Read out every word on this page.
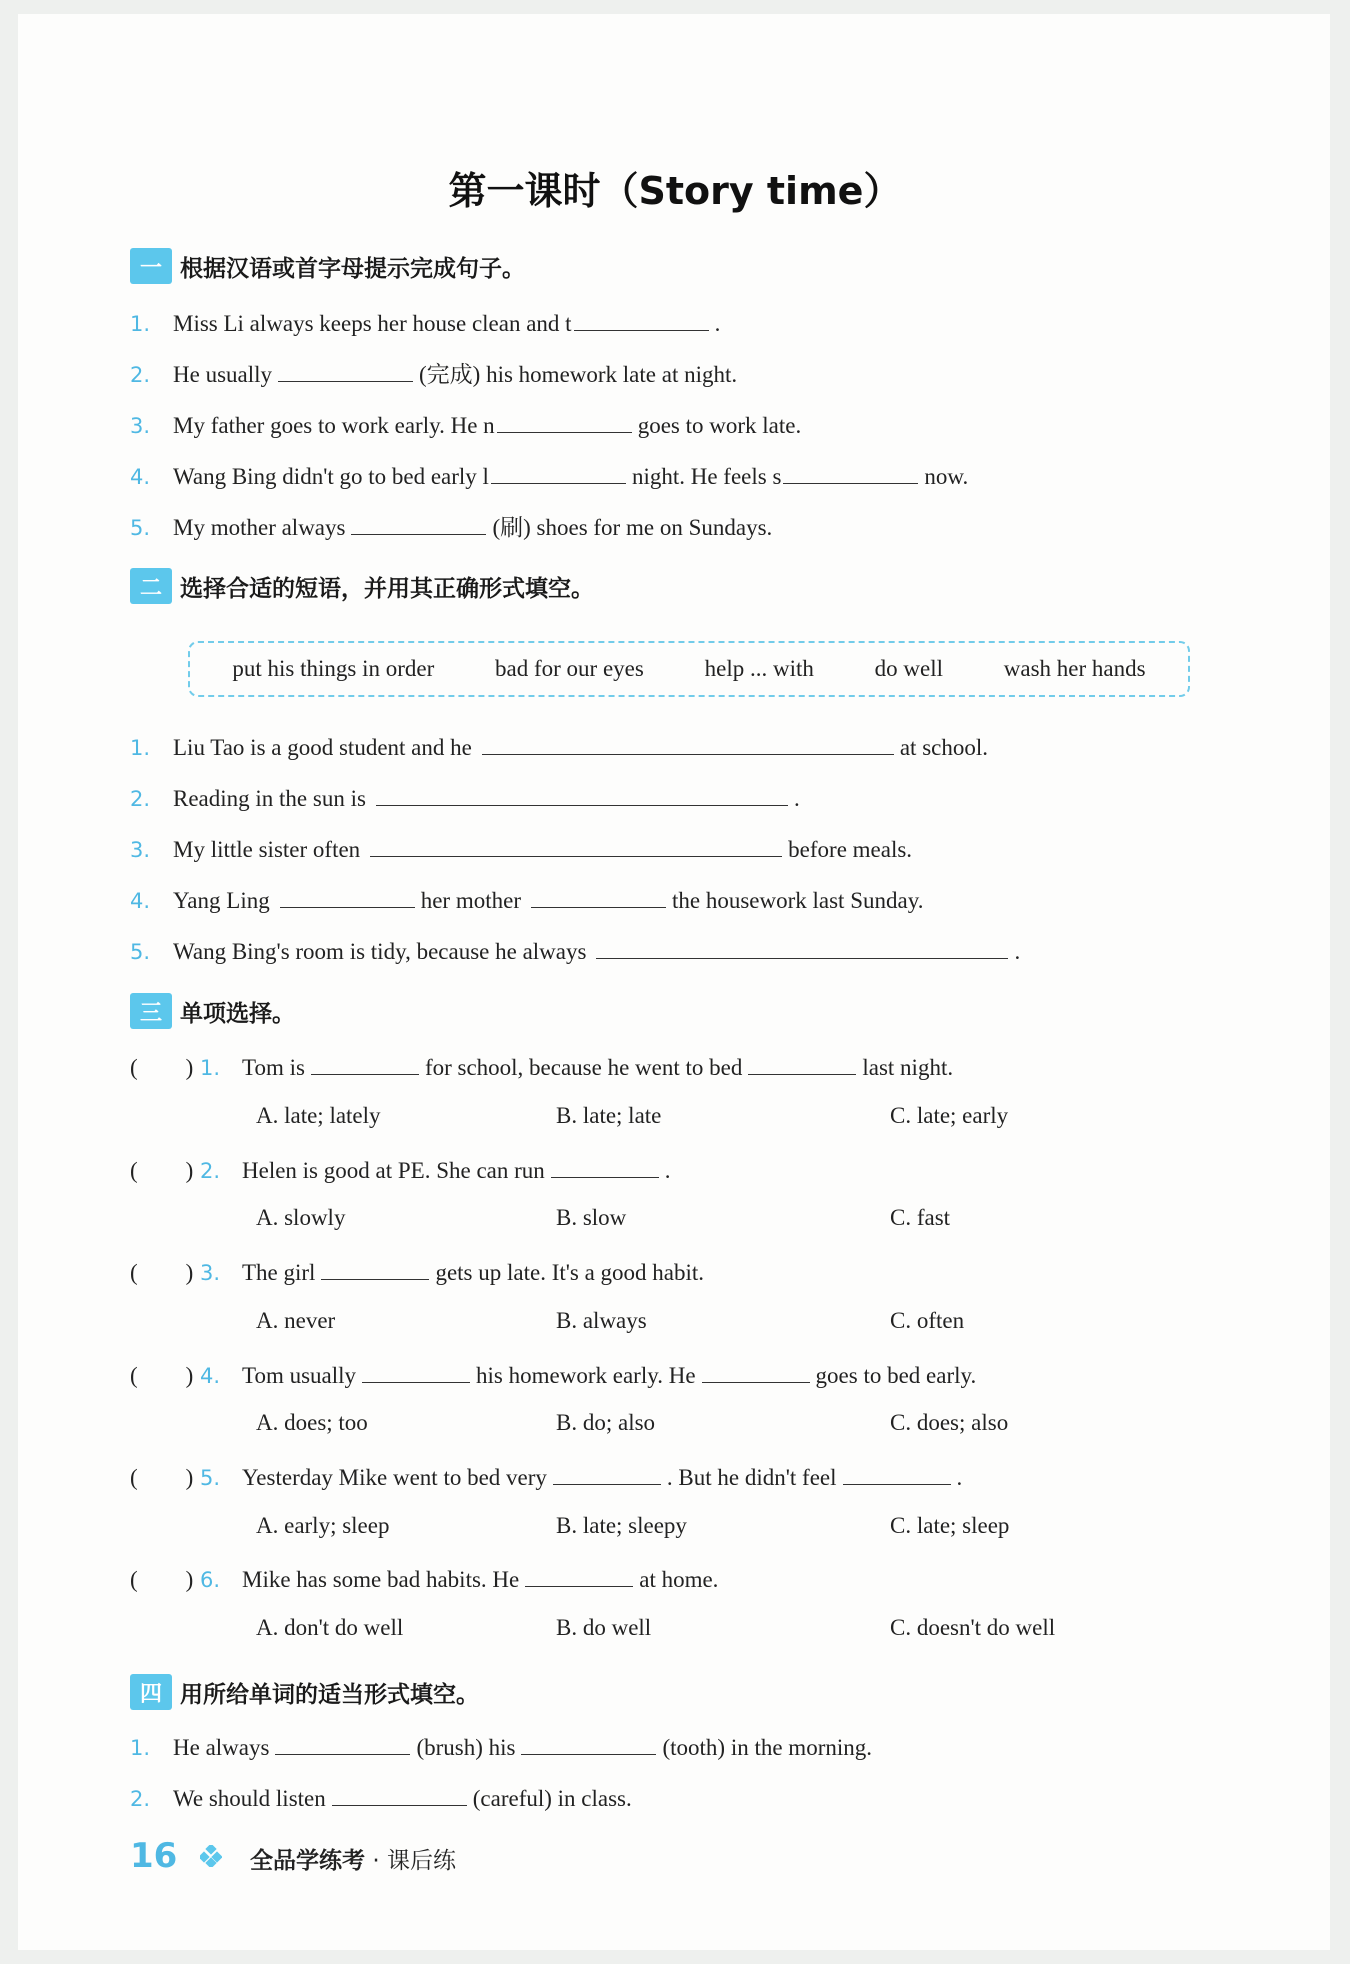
第一课时（Story time）
一 根据汉语或首字母提示完成句子。
1. Miss Li always keeps her house clean and t	.
2. He usually	(完成) his homework late at night.
3. My father goes to work early. He n	goes to work late.
4. Wang Bing didn't go to bed early l	night. He feels s	now.
5. My mother always	(刷) shoes for me on Sundays.
二 选择合适的短语，并用其正确形式填空。
put his things in order	bad for our eyes	help ... with	do well	wash her hands
1. Liu Tao is a good student and he	at school.
2. Reading in the sun is	.
3. My little sister often	before meals.
4. Yang Ling	her mother	the housework last Sunday.
5. Wang Bing's room is tidy, because he always	.
三 单项选择。
( ) 1. Tom is	for school, because he went to bed	last night.
A. late; lately	B. late; late	C. late; early
( ) 2. Helen is good at PE. She can run	.
A. slowly	B. slow	C. fast
( ) 3. The girl	gets up late. It's a good habit.
A. never	B. always	C. often
( ) 4. Tom usually	his homework early. He	goes to bed early.
A. does; too	B. do; also	C. does; also
( ) 5. Yesterday Mike went to bed very	. But he didn't feel	.
A. early; sleep	B. late; sleepy	C. late; sleep
( ) 6. Mike has some bad habits. He	at home.
A. don't do well	B. do well	C. doesn't do well
四 用所给单词的适当形式填空。
1. He always	(brush) his	(tooth) in the morning.
2. We should listen	(careful) in class.
16	全品学练考 · 课后练
